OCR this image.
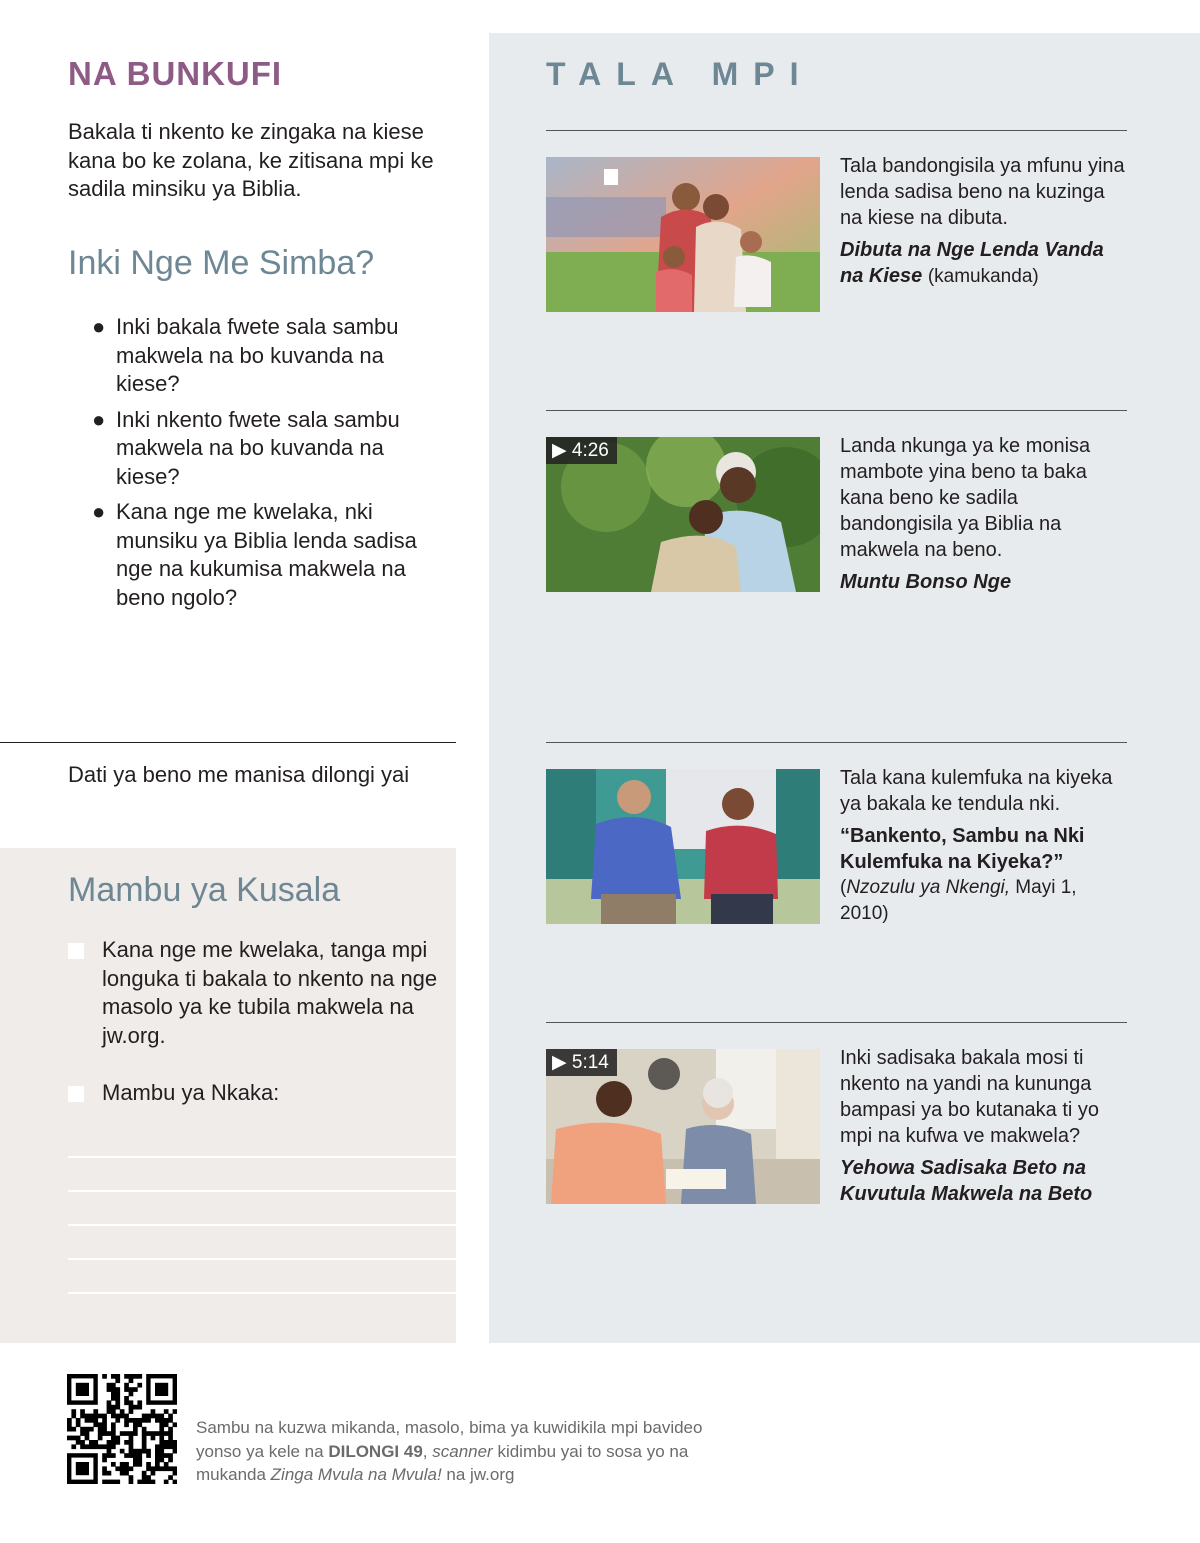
NA BUNKUFI

Bakala ti nkento ke zingaka na kiese kana bo ke zolana, ke zitisana mpi ke sadila minsiku ya Biblia.

Inki Nge Me Simba?
● Inki bakala fwete sala sambu makwela na bo kuvanda na kiese?
● Inki nkento fwete sala sambu makwela na bo kuvanda na kiese?
● Kana nge me kwelaka, nki munsiku ya Biblia lenda sadisa nge na kukumisa makwela na beno ngolo?

Dati ya beno me manisa dilongi yai

Mambu ya Kusala
Kana nge me kwelaka, tanga mpi longuka ti bakala to nkento na nge masolo ya ke tubila makwela na jw.org.
Mambu ya Nkaka:
TALA MPI

Tala bandongisila ya mfunu yina lenda sadisa beno na kuzinga na kiese na dibuta.

Dibuta na Nge Lenda Vanda na Kiese (kamukanda)

▶ 4:26	Landa nkunga ya ke monisa mambote yina beno ta baka kana beno ke sadila bandongisila ya Biblia na makwela na beno.

Muntu Bonso Nge

Tala kana kulemfuka na kiyeka ya bakala ke tendula nki.

“Bankento, Sambu na Nki Kulemfuka na Kiyeka?”

(Nzozulu ya Nkengi, Mayi 1, 2010)

▶ 5:14	Inki sadisaka bakala mosi ti nkento na yandi na kununga bampasi ya bo kutanaka ti yo mpi na kufwa ve makwela?

Yehowa Sadisaka Beto na Kuvutula Makwela na Beto

Sambu na kuzwa mikanda, masolo, bima ya kuwidikila mpi bavideo yonso ya kele na DILONGI 49, scanner kidimbu yai to sosa yo na mukanda Zinga Mvula na Mvula! na jw.org
